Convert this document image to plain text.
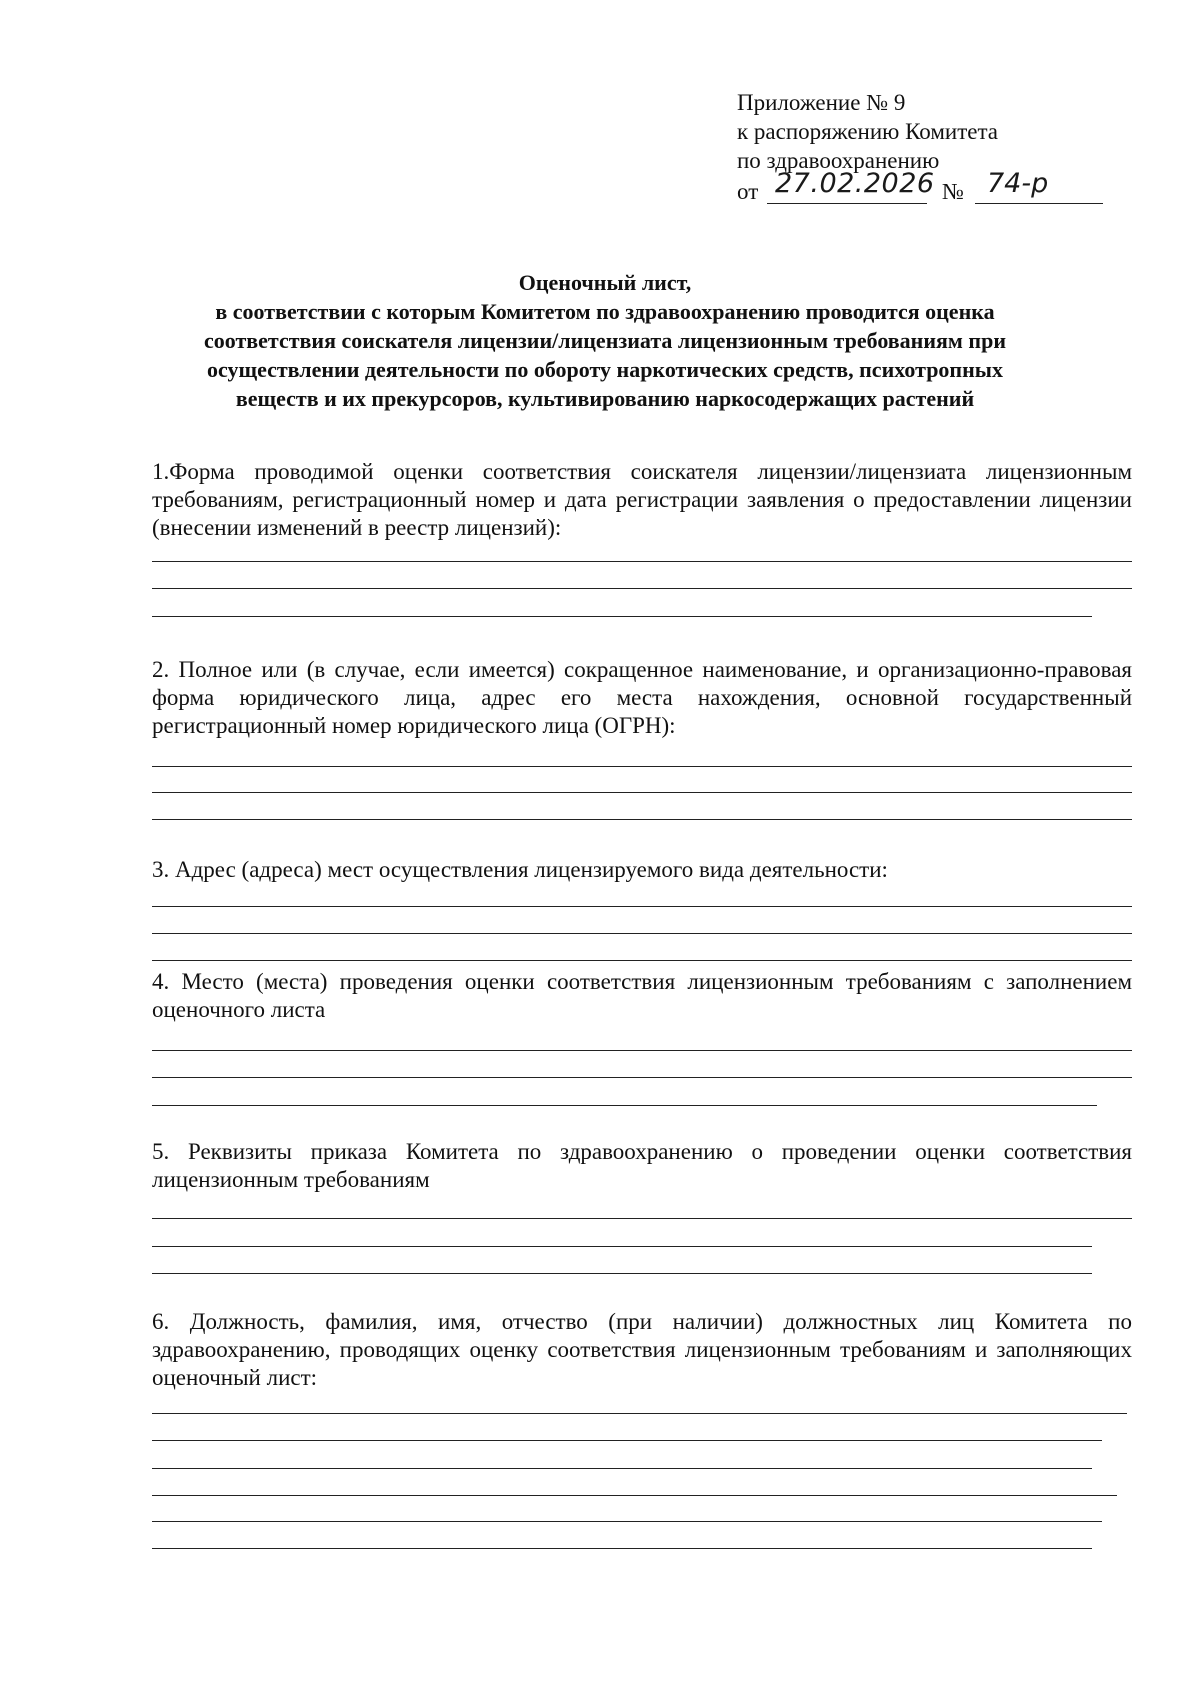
Приложение № 9
к распоряжению Комитета
по здравоохранению
от 27.02.2026 № 74-р
Оценочный лист,
в соответствии с которым Комитетом по здравоохранению проводится оценка
соответствия соискателя лицензии/лицензиата лицензионным требованиям при
осуществлении деятельности по обороту наркотических средств, психотропных
веществ и их прекурсоров, культивированию наркосодержащих растений
1.Форма проводимой оценки соответствия соискателя лицензии/лицензиата лицензионным требованиям, регистрационный номер и дата регистрации заявления о предоставлении лицензии (внесении изменений в реестр лицензий):
2. Полное или (в случае, если имеется) сокращенное наименование, и организационно-правовая форма юридического лица, адрес его места нахождения, основной государственный регистрационный номер юридического лица (ОГРН):
3. Адрес (адреса) мест осуществления лицензируемого вида деятельности:
4. Место (места) проведения оценки соответствия лицензионным требованиям с заполнением оценочного листа
5. Реквизиты приказа Комитета по здравоохранению о проведении оценки соответствия лицензионным требованиям
6. Должность, фамилия, имя, отчество (при наличии) должностных лиц Комитета по здравоохранению, проводящих оценку соответствия лицензионным требованиям и заполняющих оценочный лист:
